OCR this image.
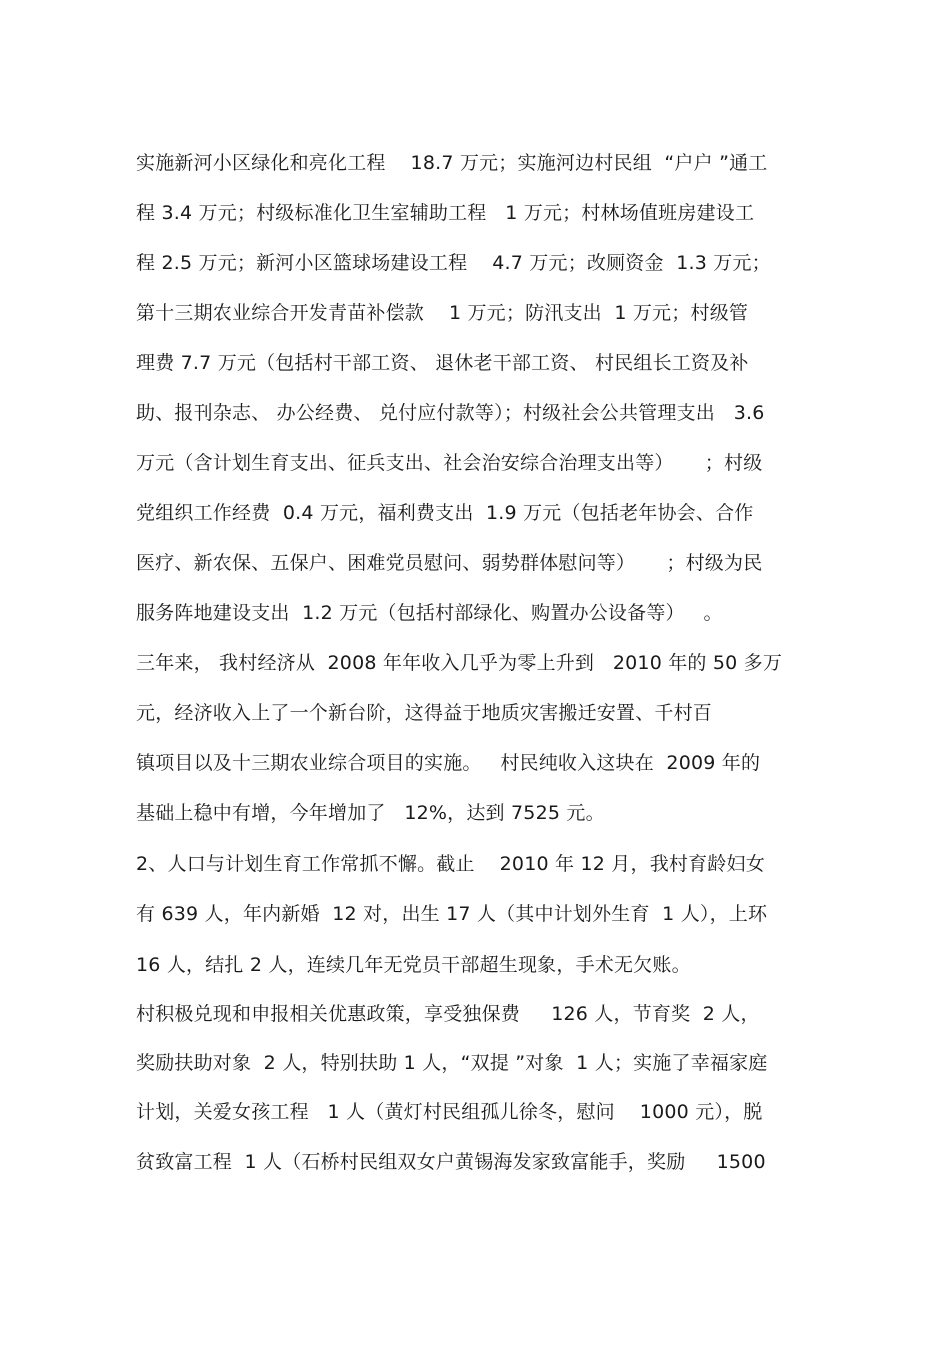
实施新河小区绿化和亮化工程    18.7 万元；实施河边村民组  “户户 ”通工
程 3.4 万元；村级标准化卫生室辅助工程   1 万元；村林场值班房建设工
程 2.5 万元；新河小区篮球场建设工程    4.7 万元；改厕资金  1.3 万元；
第十三期农业综合开发青苗补偿款    1 万元；防汛支出  1 万元；村级管
理费 7.7 万元（包括村干部工资、 退休老干部工资、 村民组长工资及补
助、报刊杂志、 办公经费、 兑付应付款等）；村级社会公共管理支出   3.6
万元（含计划生育支出、征兵支出、社会治安综合治理支出等）     ；村级
党组织工作经费  0.4 万元，福利费支出  1.9 万元（包括老年协会、合作
医疗、新农保、五保户、困难党员慰问、弱势群体慰问等）     ；村级为民
服务阵地建设支出  1.2 万元（包括村部绿化、购置办公设备等）   。
三年来， 我村经济从  2008 年年收入几乎为零上升到   2010 年的 50 多万
元，经济收入上了一个新台阶，这得益于地质灾害搬迁安置、千村百
镇项目以及十三期农业综合项目的实施。   村民纯收入这块在  2009 年的
基础上稳中有增，今年增加了   12%，达到 7525 元。
2、人口与计划生育工作常抓不懈。截止    2010 年 12 月，我村育龄妇女
有 639 人，年内新婚  12 对，出生 17 人（其中计划外生育  1 人），上环
16 人，结扎 2 人，连续几年无党员干部超生现象，手术无欠账。
村积极兑现和申报相关优惠政策，享受独保费     126 人，节育奖  2 人，
奖励扶助对象  2 人，特别扶助 1 人，“双提 ”对象  1 人；实施了幸福家庭
计划，关爱女孩工程   1 人（黄灯村民组孤儿徐冬，慰问    1000 元），脱
贫致富工程  1 人（石桥村民组双女户黄锡海发家致富能手，奖励     1500
